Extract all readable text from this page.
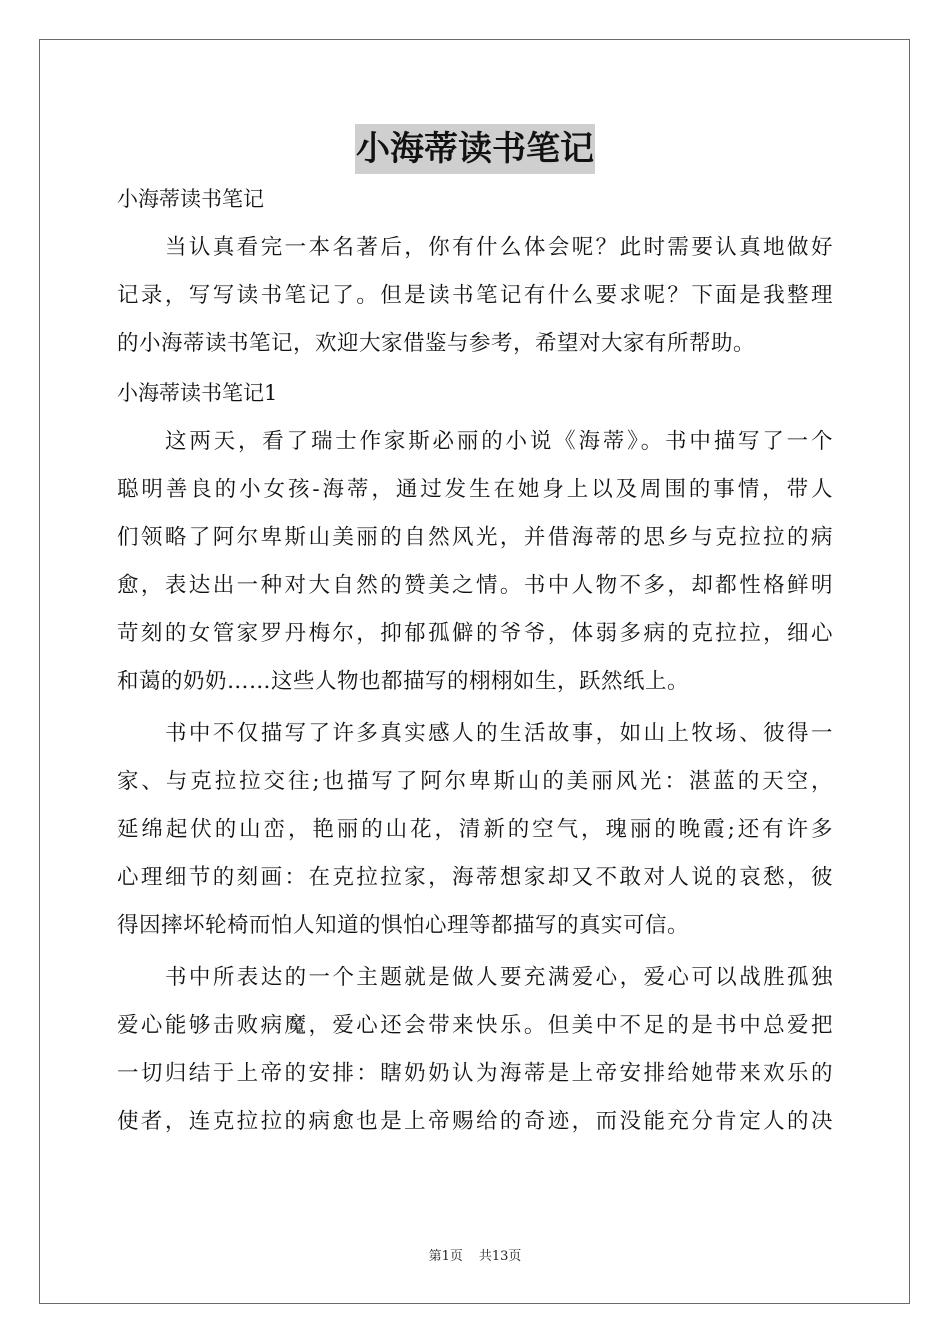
小海蒂读书笔记
小海蒂读书笔记
当认真看完一本名著后，你有什么体会呢？此时需要认真地做好
记录，写写读书笔记了。但是读书笔记有什么要求呢？下面是我整理
的小海蒂读书笔记，欢迎大家借鉴与参考，希望对大家有所帮助。
小海蒂读书笔记1
这两天，看了瑞士作家斯必丽的小说《海蒂》。书中描写了一个
聪明善良的小女孩-海蒂，通过发生在她身上以及周围的事情，带人
们领略了阿尔卑斯山美丽的自然风光，并借海蒂的思乡与克拉拉的病
愈，表达出一种对大自然的赞美之情。书中人物不多，却都性格鲜明
苛刻的女管家罗丹梅尔，抑郁孤僻的爷爷，体弱多病的克拉拉，细心
和蔼的奶奶……这些人物也都描写的栩栩如生，跃然纸上。
书中不仅描写了许多真实感人的生活故事，如山上牧场、彼得一
家、与克拉拉交往;也描写了阿尔卑斯山的美丽风光：湛蓝的天空，
延绵起伏的山峦，艳丽的山花，清新的空气，瑰丽的晚霞;还有许多
心理细节的刻画：在克拉拉家，海蒂想家却又不敢对人说的哀愁，彼
得因摔坏轮椅而怕人知道的惧怕心理等都描写的真实可信。
书中所表达的一个主题就是做人要充满爱心，爱心可以战胜孤独
爱心能够击败病魔，爱心还会带来快乐。但美中不足的是书中总爱把
一切归结于上帝的安排：瞎奶奶认为海蒂是上帝安排给她带来欢乐的
使者，连克拉拉的病愈也是上帝赐给的奇迹，而没能充分肯定人的决
第1页 共13页
